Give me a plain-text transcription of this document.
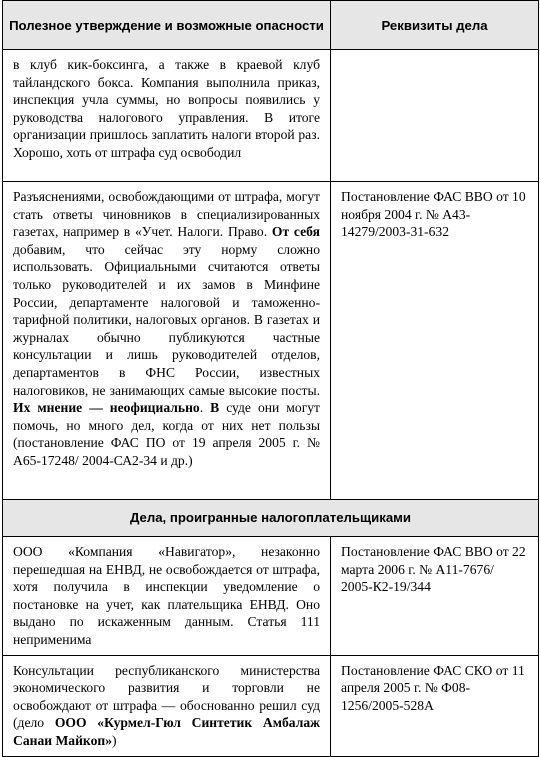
Полезное утверждение и возможные опасности	Реквизиты дела

в клуб кик-боксинга, а также в краевой клуб тайландского бокса. Компания выполнила приказ, инспекция учла суммы, но вопросы появились у руководства налогового управления. В итоге организации пришлось заплатить налоги второй раз. Хорошо, хоть от штрафа суд освободил	

Разъяснениями, освобождающими от штрафа, могут стать ответы чиновников в специализированных газетах, например в «Учет. Налоги. Право. От себя добавим, что сейчас эту норму сложно использовать. Официальными считаются ответы только руководителей и их замов в Минфине России, департаменте налоговой и таможенно-тарифной политики, налоговых органов. В газетах и журналах обычно публикуются частные консультации и лишь руководителей отделов, департаментов в ФНС России, известных налоговиков, не занимающих самые высокие посты. Их мнение — неофициально. В суде они могут помочь, но много дел, когда от них нет пользы (постановление ФАС ПО от 19 апреля 2005 г. № А65-17248/ 2004-СА2-34 и др.)	Постановление ФАС ВВО от 10 ноября 2004 г. № А43-14279/2003-31-632
Дела, проигранные налогоплательщиками	
ООО «Компания «Навигатор», незаконно перешедшая на ЕНВД, не освобождается от штрафа, хотя получила в инспекции уведомление о постановке на учет, как плательщика ЕНВД. Оно выдано по искаженным данным. Статья 111 неприменима	Постановление ФАС ВВО от 22 марта 2006 г. № А11-7676/ 2005-К2-19/344
Консультации республиканского министерства экономического развития и торговли не освобождают от штрафа — обоснованно решил суд (дело ООО «Курмел-Гюл Синтетик Амбалаж Санаи Майкоп»)	Постановление ФАС СКО от 11 апреля 2005 г. № Ф08-1256/2005-528А
